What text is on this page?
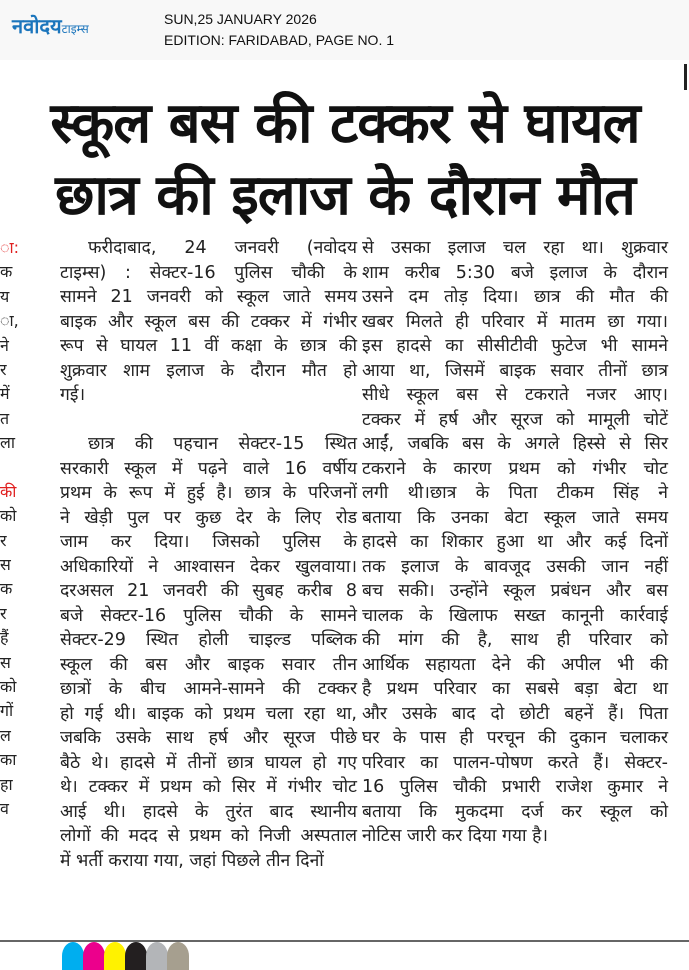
नवोदयटाइम्स
SUN,25 JANUARY 2026
EDITION: FARIDABAD, PAGE NO. 1
स्कूल बस की टक्कर से घायल
छात्र की इलाज के दौरान मौत
ा:
क
य
ा,
ने
र
में
त
ला
की
को
र
स
क
र
हैं
स
को
गों
ल
का
हा
व
फरीदाबाद, 24 जनवरी (नवोदय
टाइम्स) : सेक्टर-16 पुलिस चौकी के
सामने 21 जनवरी को स्कूल जाते समय
बाइक और स्कूल बस की टक्कर में गंभीर
रूप से घायल 11 वीं कक्षा के छात्र की
शुक्रवार शाम इलाज के दौरान मौत हो
गई।
छात्र की पहचान सेक्टर-15 स्थित
सरकारी स्कूल में पढ़ने वाले 16 वर्षीय
प्रथम के रूप में हुई है। छात्र के परिजनों
ने खेड़ी पुल पर कुछ देर के लिए रोड
जाम कर दिया। जिसको पुलिस के
अधिकारियों ने आश्वासन देकर खुलवाया।
दरअसल 21 जनवरी की सुबह करीब 8
बजे सेक्टर-16 पुलिस चौकी के सामने
सेक्टर-29 स्थित होली चाइल्ड पब्लिक
स्कूल की बस और बाइक सवार तीन
छात्रों के बीच आमने-सामने की टक्कर
हो गई थी। बाइक को प्रथम चला रहा था,
जबकि उसके साथ हर्ष और सूरज पीछे
बैठे थे। हादसे में तीनों छात्र घायल हो गए
थे। टक्कर में प्रथम को सिर में गंभीर चोट
आई थी। हादसे के तुरंत बाद स्थानीय
लोगों की मदद से प्रथम को निजी अस्पताल
में भर्ती कराया गया, जहां पिछले तीन दिनों
से उसका इलाज चल रहा था। शुक्रवार
शाम करीब 5:30 बजे इलाज के दौरान
उसने दम तोड़ दिया। छात्र की मौत की
खबर मिलते ही परिवार में मातम छा गया।
इस हादसे का सीसीटीवी फुटेज भी सामने
आया था, जिसमें बाइक सवार तीनों छात्र
सीधे स्कूल बस से टकराते नजर आए।
टक्कर में हर्ष और सूरज को मामूली चोटें
आईं, जबकि बस के अगले हिस्से से सिर
टकराने के कारण प्रथम को गंभीर चोट
लगी थी।छात्र के पिता टीकम सिंह ने
बताया कि उनका बेटा स्कूल जाते समय
हादसे का शिकार हुआ था और कई दिनों
तक इलाज के बावजूद उसकी जान नहीं
बच सकी। उन्होंने स्कूल प्रबंधन और बस
चालक के खिलाफ सख्त कानूनी कार्रवाई
की मांग की है, साथ ही परिवार को
आर्थिक सहायता देने की अपील भी की
है प्रथम परिवार का सबसे बड़ा बेटा था
और उसके बाद दो छोटी बहनें हैं। पिता
घर के पास ही परचून की दुकान चलाकर
परिवार का पालन-पोषण करते हैं। सेक्टर-
16 पुलिस चौकी प्रभारी राजेश कुमार ने
बताया कि मुकदमा दर्ज कर स्कूल को
नोटिस जारी कर दिया गया है।
